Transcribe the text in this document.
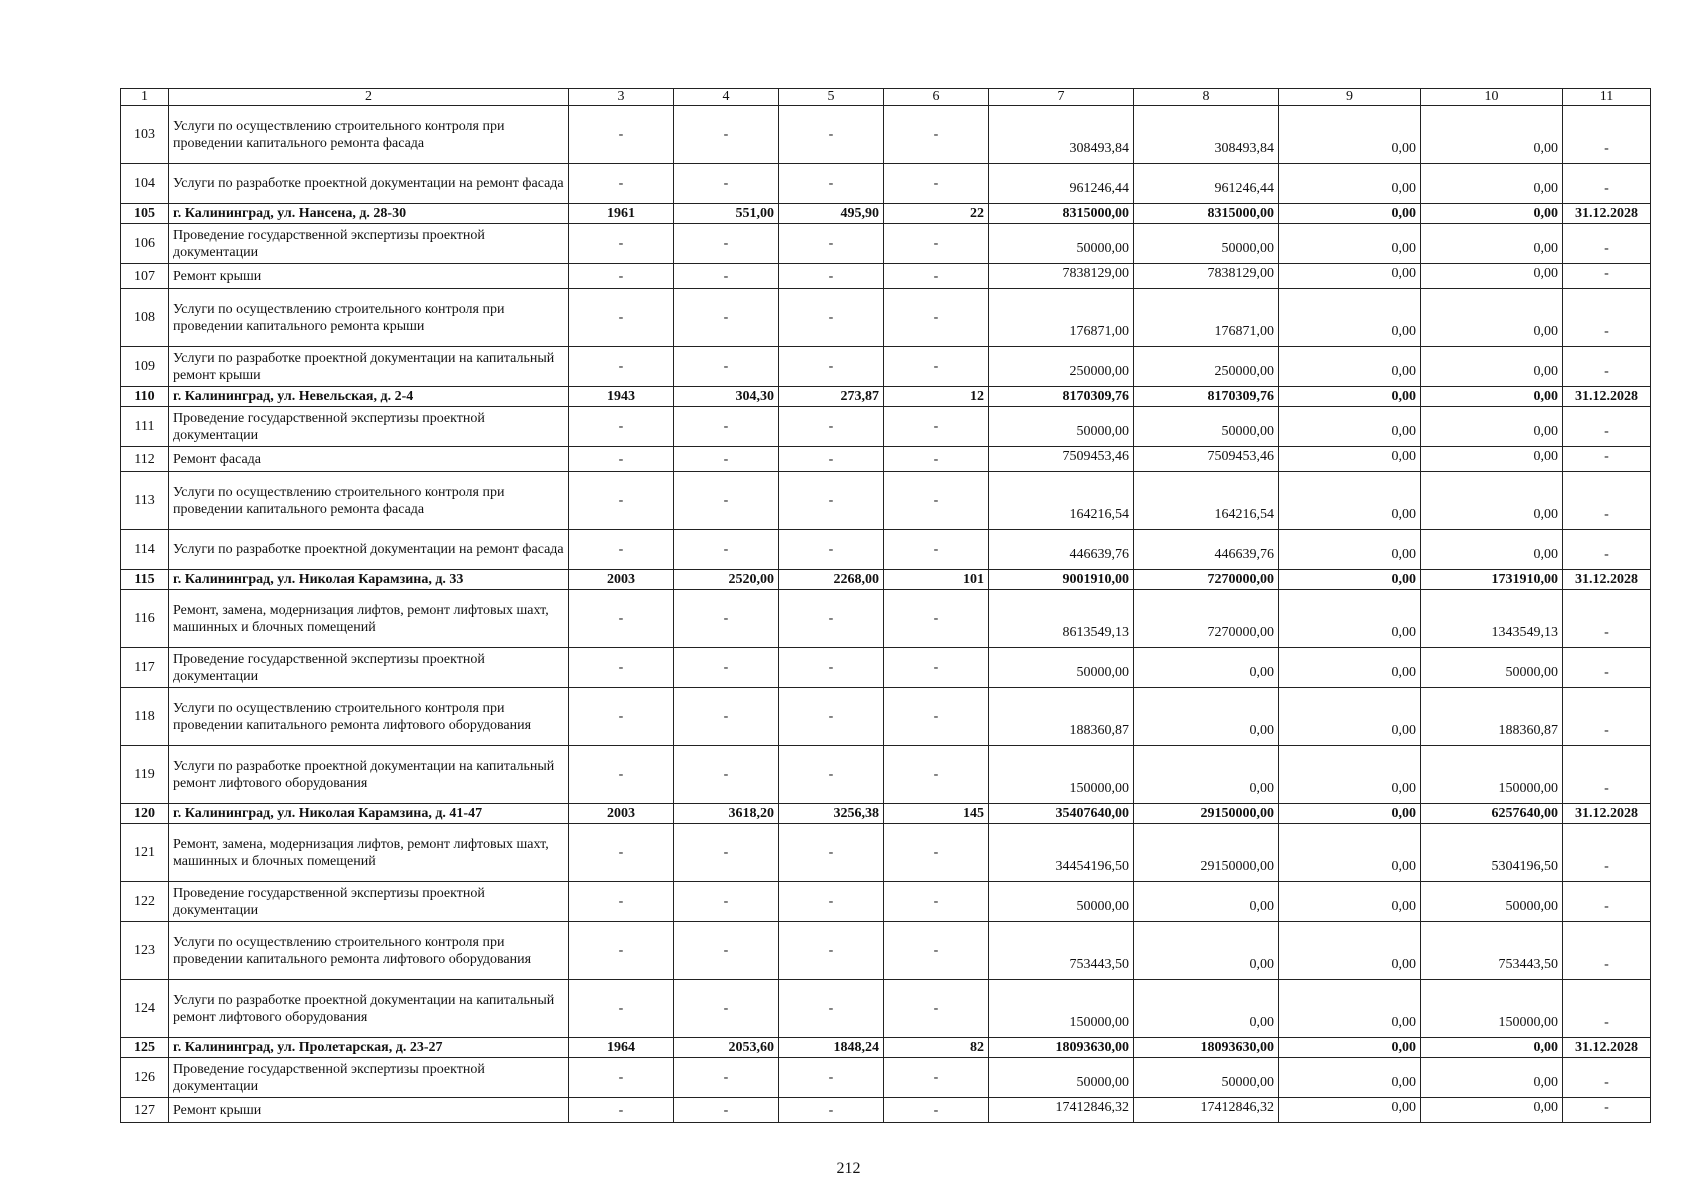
1	2	3	4	5	6	7	8	9	10	11
103	Услуги по осуществлению строительного контроля при проведении капитального ремонта фасада	-	-	-	-	308493,84	308493,84	0,00	0,00	-
104	Услуги по разработке проектной документации на ремонт фасада	-	-	-	-	961246,44	961246,44	0,00	0,00	-
105	г. Калининград, ул. Нансена, д. 28-30	1961	551,00	495,90	22	8315000,00	8315000,00	0,00	0,00	31.12.2028
106	Проведение государственной экспертизы проектной документации	-	-	-	-	50000,00	50000,00	0,00	0,00	-
107	Ремонт крыши	-	-	-	-	7838129,00	7838129,00	0,00	0,00	-
108	Услуги по осуществлению строительного контроля при проведении капитального ремонта крыши	-	-	-	-	176871,00	176871,00	0,00	0,00	-
109	Услуги по разработке проектной документации на капитальный ремонт крыши	-	-	-	-	250000,00	250000,00	0,00	0,00	-
110	г. Калининград, ул. Невельская, д. 2-4	1943	304,30	273,87	12	8170309,76	8170309,76	0,00	0,00	31.12.2028
111	Проведение государственной экспертизы проектной документации	-	-	-	-	50000,00	50000,00	0,00	0,00	-
112	Ремонт фасада	-	-	-	-	7509453,46	7509453,46	0,00	0,00	-
113	Услуги по осуществлению строительного контроля при проведении капитального ремонта фасада	-	-	-	-	164216,54	164216,54	0,00	0,00	-
114	Услуги по разработке проектной документации на ремонт фасада	-	-	-	-	446639,76	446639,76	0,00	0,00	-
115	г. Калининград, ул. Николая Карамзина, д. 33	2003	2520,00	2268,00	101	9001910,00	7270000,00	0,00	1731910,00	31.12.2028
116	Ремонт, замена, модернизация лифтов, ремонт лифтовых шахт, машинных и блочных помещений	-	-	-	-	8613549,13	7270000,00	0,00	1343549,13	-
117	Проведение государственной экспертизы проектной документации	-	-	-	-	50000,00	0,00	0,00	50000,00	-
118	Услуги по осуществлению строительного контроля при проведении капитального ремонта лифтового оборудования	-	-	-	-	188360,87	0,00	0,00	188360,87	-
119	Услуги по разработке проектной документации на капитальный ремонт лифтового оборудования	-	-	-	-	150000,00	0,00	0,00	150000,00	-
120	г. Калининград, ул. Николая Карамзина, д. 41-47	2003	3618,20	3256,38	145	35407640,00	29150000,00	0,00	6257640,00	31.12.2028
121	Ремонт, замена, модернизация лифтов, ремонт лифтовых шахт, машинных и блочных помещений	-	-	-	-	34454196,50	29150000,00	0,00	5304196,50	-
122	Проведение государственной экспертизы проектной документации	-	-	-	-	50000,00	0,00	0,00	50000,00	-
123	Услуги по осуществлению строительного контроля при проведении капитального ремонта лифтового оборудования	-	-	-	-	753443,50	0,00	0,00	753443,50	-
124	Услуги по разработке проектной документации на капитальный ремонт лифтового оборудования	-	-	-	-	150000,00	0,00	0,00	150000,00	-
125	г. Калининград, ул. Пролетарская, д. 23-27	1964	2053,60	1848,24	82	18093630,00	18093630,00	0,00	0,00	31.12.2028
126	Проведение государственной экспертизы проектной документации	-	-	-	-	50000,00	50000,00	0,00	0,00	-
127	Ремонт крыши	-	-	-	-	17412846,32	17412846,32	0,00	0,00	-
212
